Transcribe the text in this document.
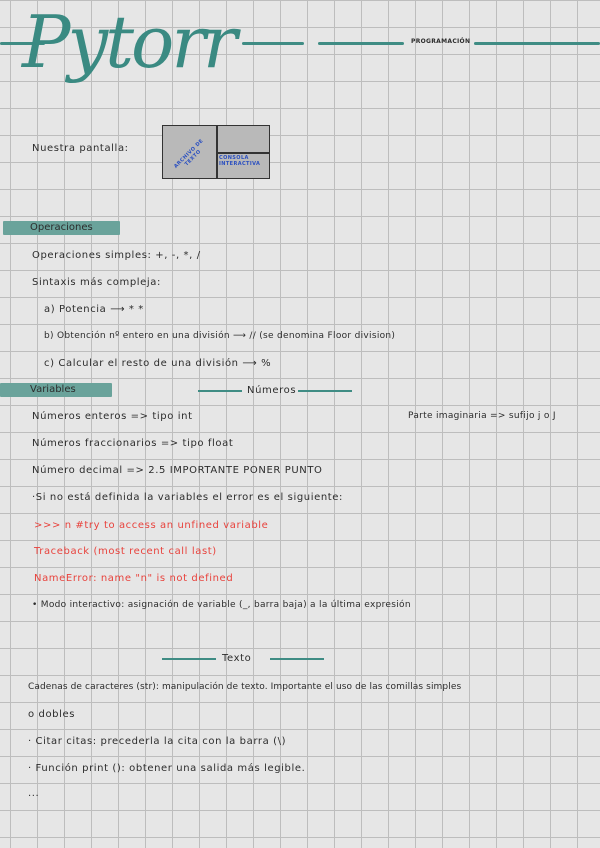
Pytorr	PROGRAMACIÓN
Nuestra pantalla:	ARCHIVO DE TEXTO	CONSOLA INTERACTIVA
Operaciones
Operaciones simples: +, -, *, /
Sintaxis más compleja:
a) Potencia ⟶ * *
b) Obtención nº entero en una división ⟶ // (se denomina Floor division)
c) Calcular el resto de una división ⟶ %
Variables	Números
Números enteros => tipo int	Parte imaginaria => sufijo j o J
Números fraccionarios => tipo float
Número decimal => 2.5 IMPORTANTE PONER PUNTO
·Si no está definida la variables el error es el siguiente:
>>> n #try to access an unfined variable
Traceback (most recent call last)
NameError: name "n" is not defined
• Modo interactivo: asignación de variable (_, barra baja) a la última expresión
Texto
Cadenas de caracteres (str): manipulación de texto. Importante el uso de las comillas simples
o dobles
· Citar citas: precederla la cita con la barra (\)
· Función print (): obtener una salida más legible.
...
